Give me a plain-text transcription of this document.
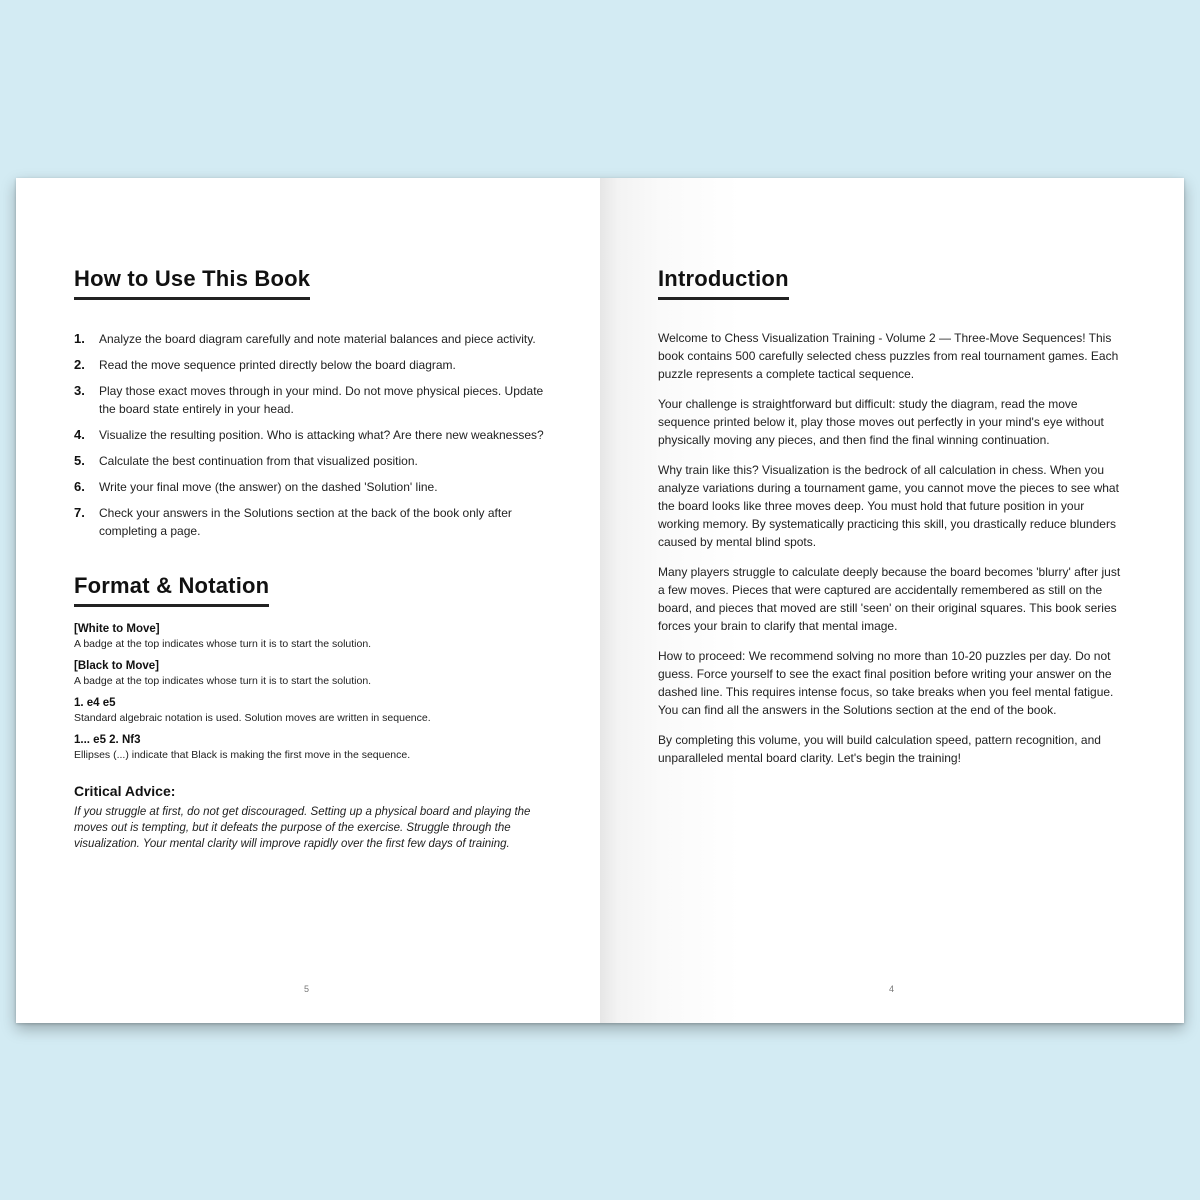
How to Use This Book
1.	Analyze the board diagram carefully and note material balances and piece activity.
2.	Read the move sequence printed directly below the board diagram.
3.	Play those exact moves through in your mind. Do not move physical pieces. Update the board state entirely in your head.
4.	Visualize the resulting position. Who is attacking what? Are there new weaknesses?
5.	Calculate the best continuation from that visualized position.
6.	Write your final move (the answer) on the dashed 'Solution' line.
7.	Check your answers in the Solutions section at the back of the book only after completing a page.
Format & Notation
[White to Move]
A badge at the top indicates whose turn it is to start the solution.
[Black to Move]
A badge at the top indicates whose turn it is to start the solution.
1. e4 e5
Standard algebraic notation is used. Solution moves are written in sequence.
1... e5 2. Nf3
Ellipses (...) indicate that Black is making the first move in the sequence.
Critical Advice:
If you struggle at first, do not get discouraged. Setting up a physical board and playing the moves out is tempting, but it defeats the purpose of the exercise. Struggle through the visualization. Your mental clarity will improve rapidly over the first few days of training.
5
Introduction

Welcome to Chess Visualization Training - Volume 2 — Three-Move Sequences! This book contains 500 carefully selected chess puzzles from real tournament games. Each puzzle represents a complete tactical sequence.

Your challenge is straightforward but difficult: study the diagram, read the move sequence printed below it, play those moves out perfectly in your mind's eye without physically moving any pieces, and then find the final winning continuation.

Why train like this? Visualization is the bedrock of all calculation in chess. When you analyze variations during a tournament game, you cannot move the pieces to see what the board looks like three moves deep. You must hold that future position in your working memory. By systematically practicing this skill, you drastically reduce blunders caused by mental blind spots.

Many players struggle to calculate deeply because the board becomes 'blurry' after just a few moves. Pieces that were captured are accidentally remembered as still on the board, and pieces that moved are still 'seen' on their original squares. This book series forces your brain to clarify that mental image.

How to proceed: We recommend solving no more than 10-20 puzzles per day. Do not guess. Force yourself to see the exact final position before writing your answer on the dashed line. This requires intense focus, so take breaks when you feel mental fatigue. You can find all the answers in the Solutions section at the end of the book.

By completing this volume, you will build calculation speed, pattern recognition, and unparalleled mental board clarity. Let's begin the training!

4
